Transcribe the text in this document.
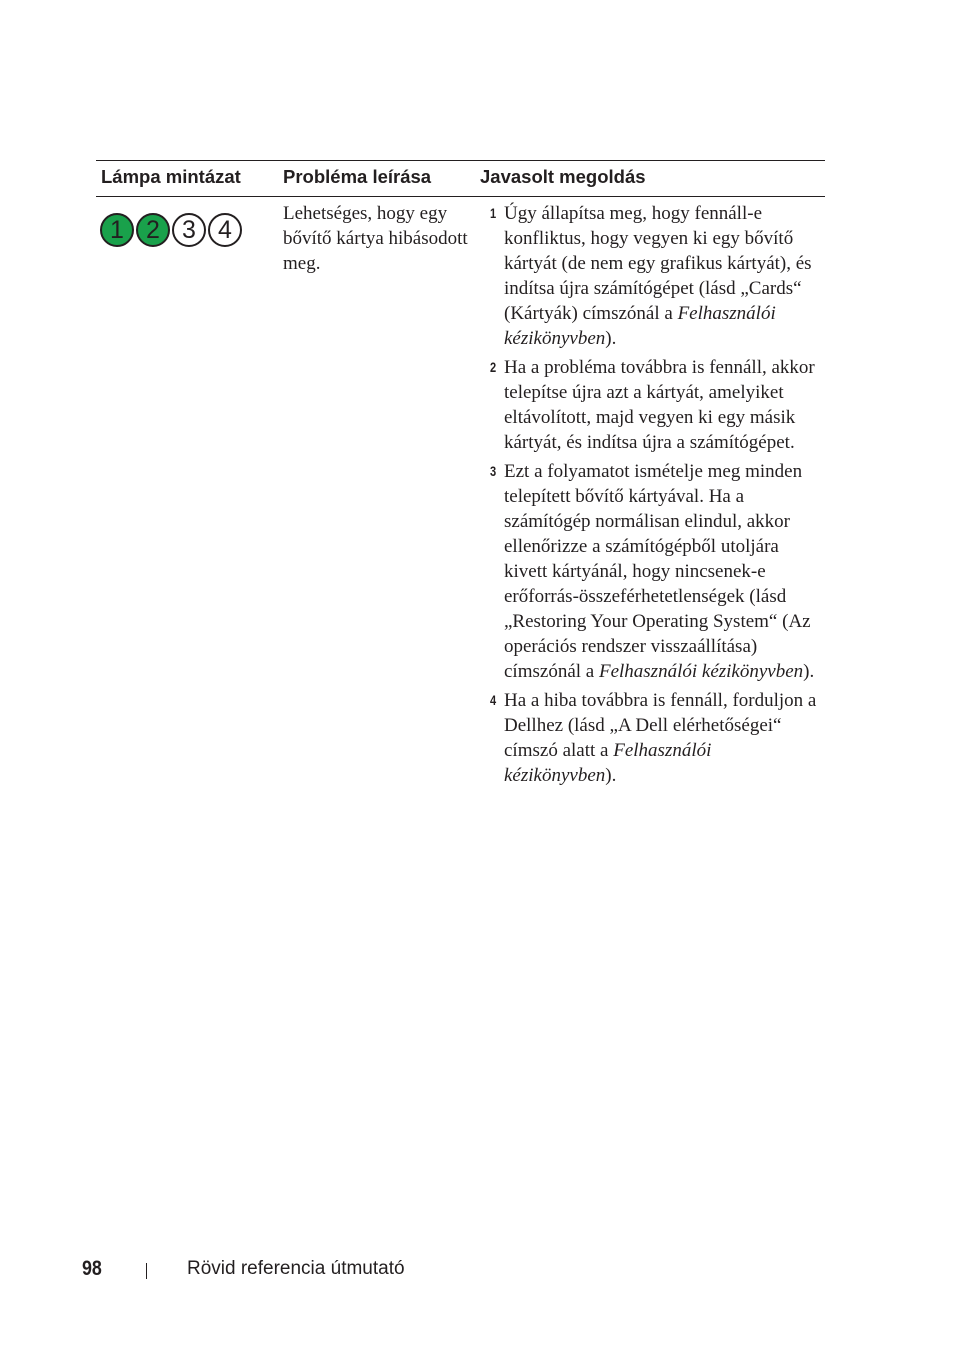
Lámpa mintázat Probléma leírása	Javasolt megoldás
1 2 3 4
Lehetséges, hogy egy bővítő kártya hibásodott meg.
1 Úgy állapítsa meg, hogy fennáll-e konfliktus, hogy vegyen ki egy bővítő kártyát (de nem egy grafikus kártyát), és indítsa újra számítógépet (lásd „Cards“ (Kártyák) címszónál a Felhasználói kézikönyvben).
2 Ha a probléma továbbra is fennáll, akkor telepítse újra azt a kártyát, amelyiket eltávolított, majd vegyen ki egy másik kártyát, és indítsa újra a számítógépet.
3 Ezt a folyamatot ismételje meg minden telepített bővítő kártyával. Ha a számítógép normálisan elindul, akkor ellenőrizze a számítógépből utoljára kivett kártyánál, hogy nincsenek-e erőforrás-összeférhetetlenségek (lásd „Restoring Your Operating System“ (Az operációs rendszer visszaállítása) címszónál a Felhasználói kézikönyvben).
4 Ha a hiba továbbra is fennáll, forduljon a Dellhez (lásd „A Dell elérhetőségei“ címszó alatt a Felhasználói kézikönyvben).
98	Rövid referencia útmutató
